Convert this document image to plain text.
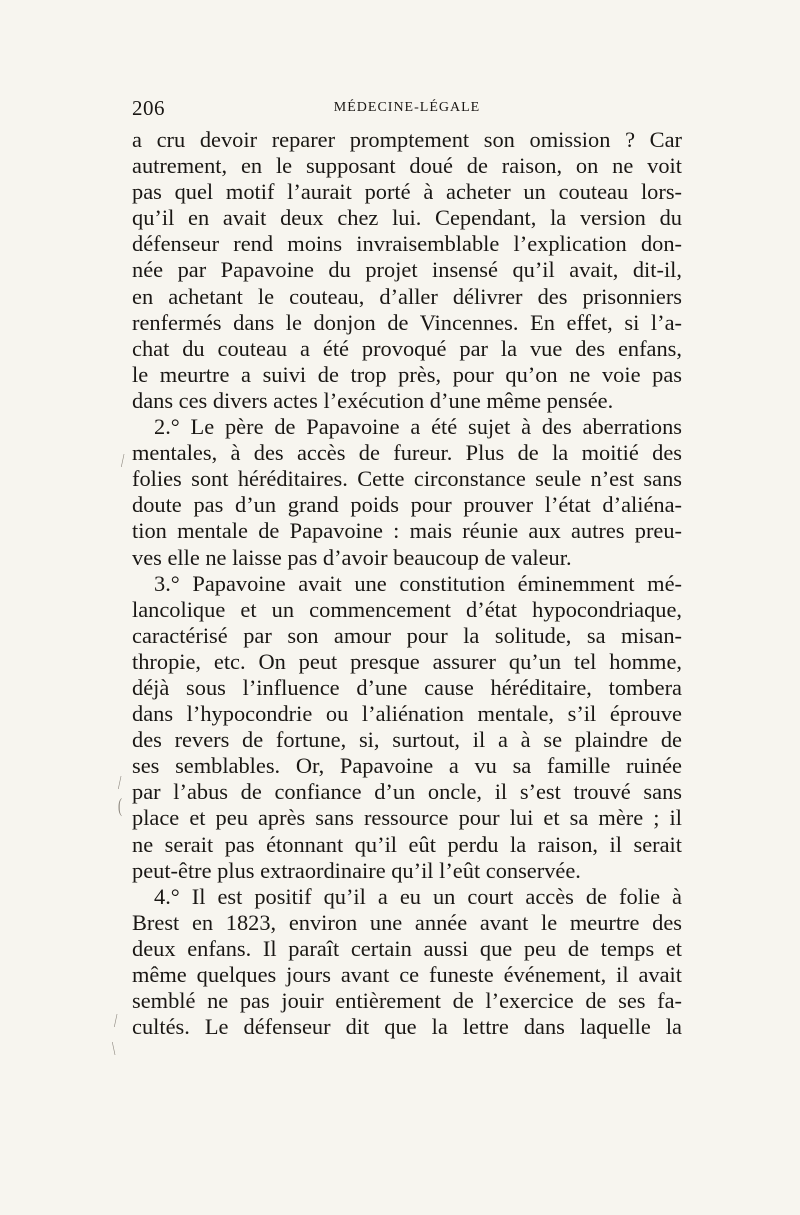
206	MÉDECINE-LÉGALE
a cru devoir reparer promptement son omission ? Car
autrement, en le supposant doué de raison, on ne voit
pas quel motif l’aurait porté à acheter un couteau lors-
qu’il en avait deux chez lui. Cependant, la version du
défenseur rend moins invraisemblable l’explication don-
née par Papavoine du projet insensé qu’il avait, dit-il,
en achetant le couteau, d’aller délivrer des prisonniers
renfermés dans le donjon de Vincennes. En effet, si l’a-
chat du couteau a été provoqué par la vue des enfans,
le meurtre a suivi de trop près, pour qu’on ne voie pas
dans ces divers actes l’exécution d’une même pensée.
2.° Le père de Papavoine a été sujet à des aberrations
mentales, à des accès de fureur. Plus de la moitié des
folies sont héréditaires. Cette circonstance seule n’est sans
doute pas d’un grand poids pour prouver l’état d’aliéna-
tion mentale de Papavoine : mais réunie aux autres preu-
ves elle ne laisse pas d’avoir beaucoup de valeur.
3.° Papavoine avait une constitution éminemment mé-
lancolique et un commencement d’état hypocondriaque,
caractérisé par son amour pour la solitude, sa misan-
thropie, etc. On peut presque assurer qu’un tel homme,
déjà sous l’influence d’une cause héréditaire, tombera
dans l’hypocondrie ou l’aliénation mentale, s’il éprouve
des revers de fortune, si, surtout, il a à se plaindre de
ses semblables. Or, Papavoine a vu sa famille ruinée
par l’abus de confiance d’un oncle, il s’est trouvé sans
place et peu après sans ressource pour lui et sa mère ; il
ne serait pas étonnant qu’il eût perdu la raison, il serait
peut-être plus extraordinaire qu’il l’eût conservée.
4.° Il est positif qu’il a eu un court accès de folie à
Brest en 1823, environ une année avant le meurtre des
deux enfans. Il paraît certain aussi que peu de temps et
même quelques jours avant ce funeste événement, il avait
semblé ne pas jouir entièrement de l’exercice de ses fa-
cultés. Le défenseur dit que la lettre dans laquelle la
/
/
(
/
\
